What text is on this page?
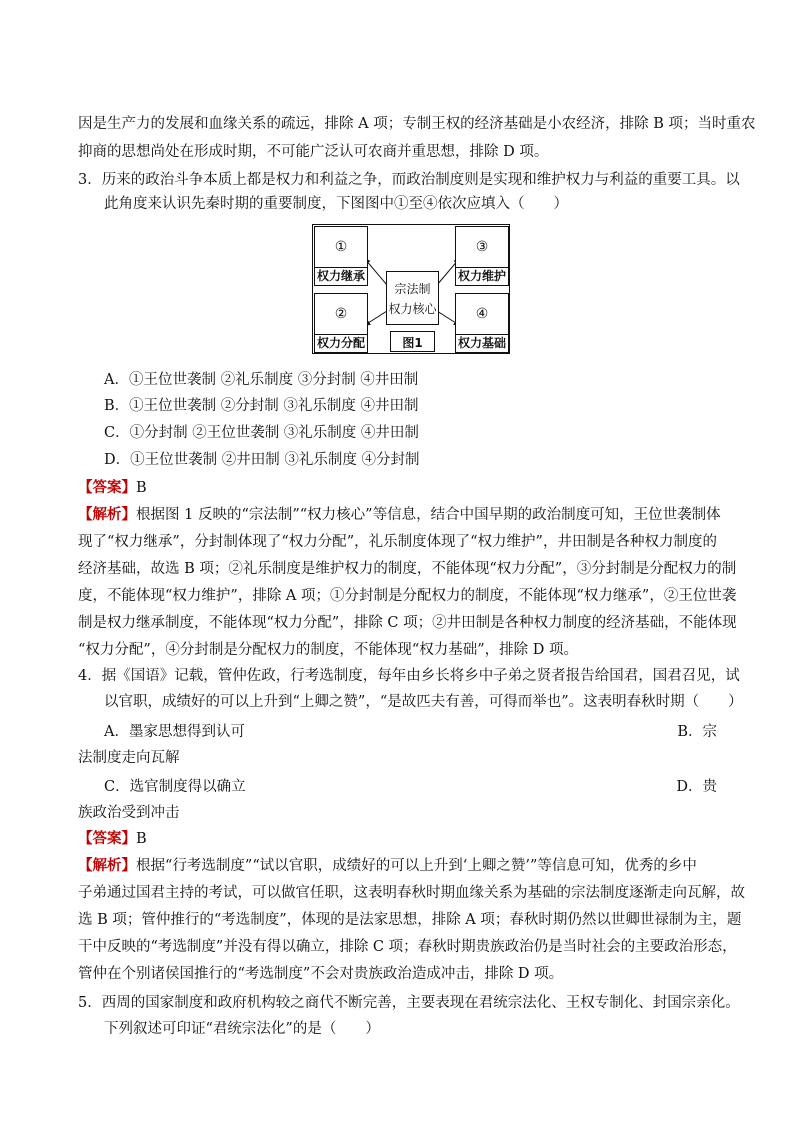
因是生产力的发展和血缘关系的疏远，排除 A 项；专制王权的经济基础是小农经济，排除 B 项；当时重农
抑商的思想尚处在形成时期，不可能广泛认可农商并重思想，排除 D 项。
3．历来的政治斗争本质上都是权力和利益之争，而政治制度则是实现和维护权力与利益的重要工具。以
此角度来认识先秦时期的重要制度，下图图中①至④依次应填入（　　）
①
权力继承
②
权力分配
③
权力维护
④
权力基础
宗法制
权力核心
图1
A．①王位世袭制 ②礼乐制度 ③分封制 ④井田制
B．①王位世袭制 ②分封制 ③礼乐制度 ④井田制
C．①分封制 ②王位世袭制 ③礼乐制度 ④井田制
D．①王位世袭制 ②井田制 ③礼乐制度 ④分封制
【答案】B
【解析】根据图 1 反映的“宗法制”“权力核心”等信息，结合中国早期的政治制度可知，王位世袭制体
现了“权力继承”，分封制体现了“权力分配”，礼乐制度体现了“权力维护”，井田制是各种权力制度的
经济基础，故选 B 项；②礼乐制度是维护权力的制度，不能体现“权力分配”，③分封制是分配权力的制
度，不能体现“权力维护”，排除 A 项；①分封制是分配权力的制度，不能体现“权力继承”，②王位世袭
制是权力继承制度，不能体现“权力分配”，排除 C 项；②井田制是各种权力制度的经济基础，不能体现
“权力分配”，④分封制是分配权力的制度，不能体现“权力基础”，排除 D 项。
4．据《国语》记载，管仲佐政，行考选制度，每年由乡长将乡中子弟之贤者报告给国君，国君召见，试
以官职，成绩好的可以上升到“上卿之赞”，“是故匹夫有善，可得而举也”。这表明春秋时期（　　）
A．墨家思想得到认可	B．宗
法制度走向瓦解
C．选官制度得以确立	D．贵
族政治受到冲击
【答案】B
【解析】根据“行考选制度”“试以官职，成绩好的可以上升到‘上卿之赞’”等信息可知，优秀的乡中
子弟通过国君主持的考试，可以做官任职，这表明春秋时期血缘关系为基础的宗法制度逐渐走向瓦解，故
选 B 项；管仲推行的“考选制度”，体现的是法家思想，排除 A 项；春秋时期仍然以世卿世禄制为主，题
干中反映的“考选制度”并没有得以确立，排除 C 项；春秋时期贵族政治仍是当时社会的主要政治形态，
管仲在个别诸侯国推行的“考选制度”不会对贵族政治造成冲击，排除 D 项。
5．西周的国家制度和政府机构较之商代不断完善，主要表现在君统宗法化、王权专制化、封国宗亲化。
下列叙述可印证“君统宗法化”的是（　　）
